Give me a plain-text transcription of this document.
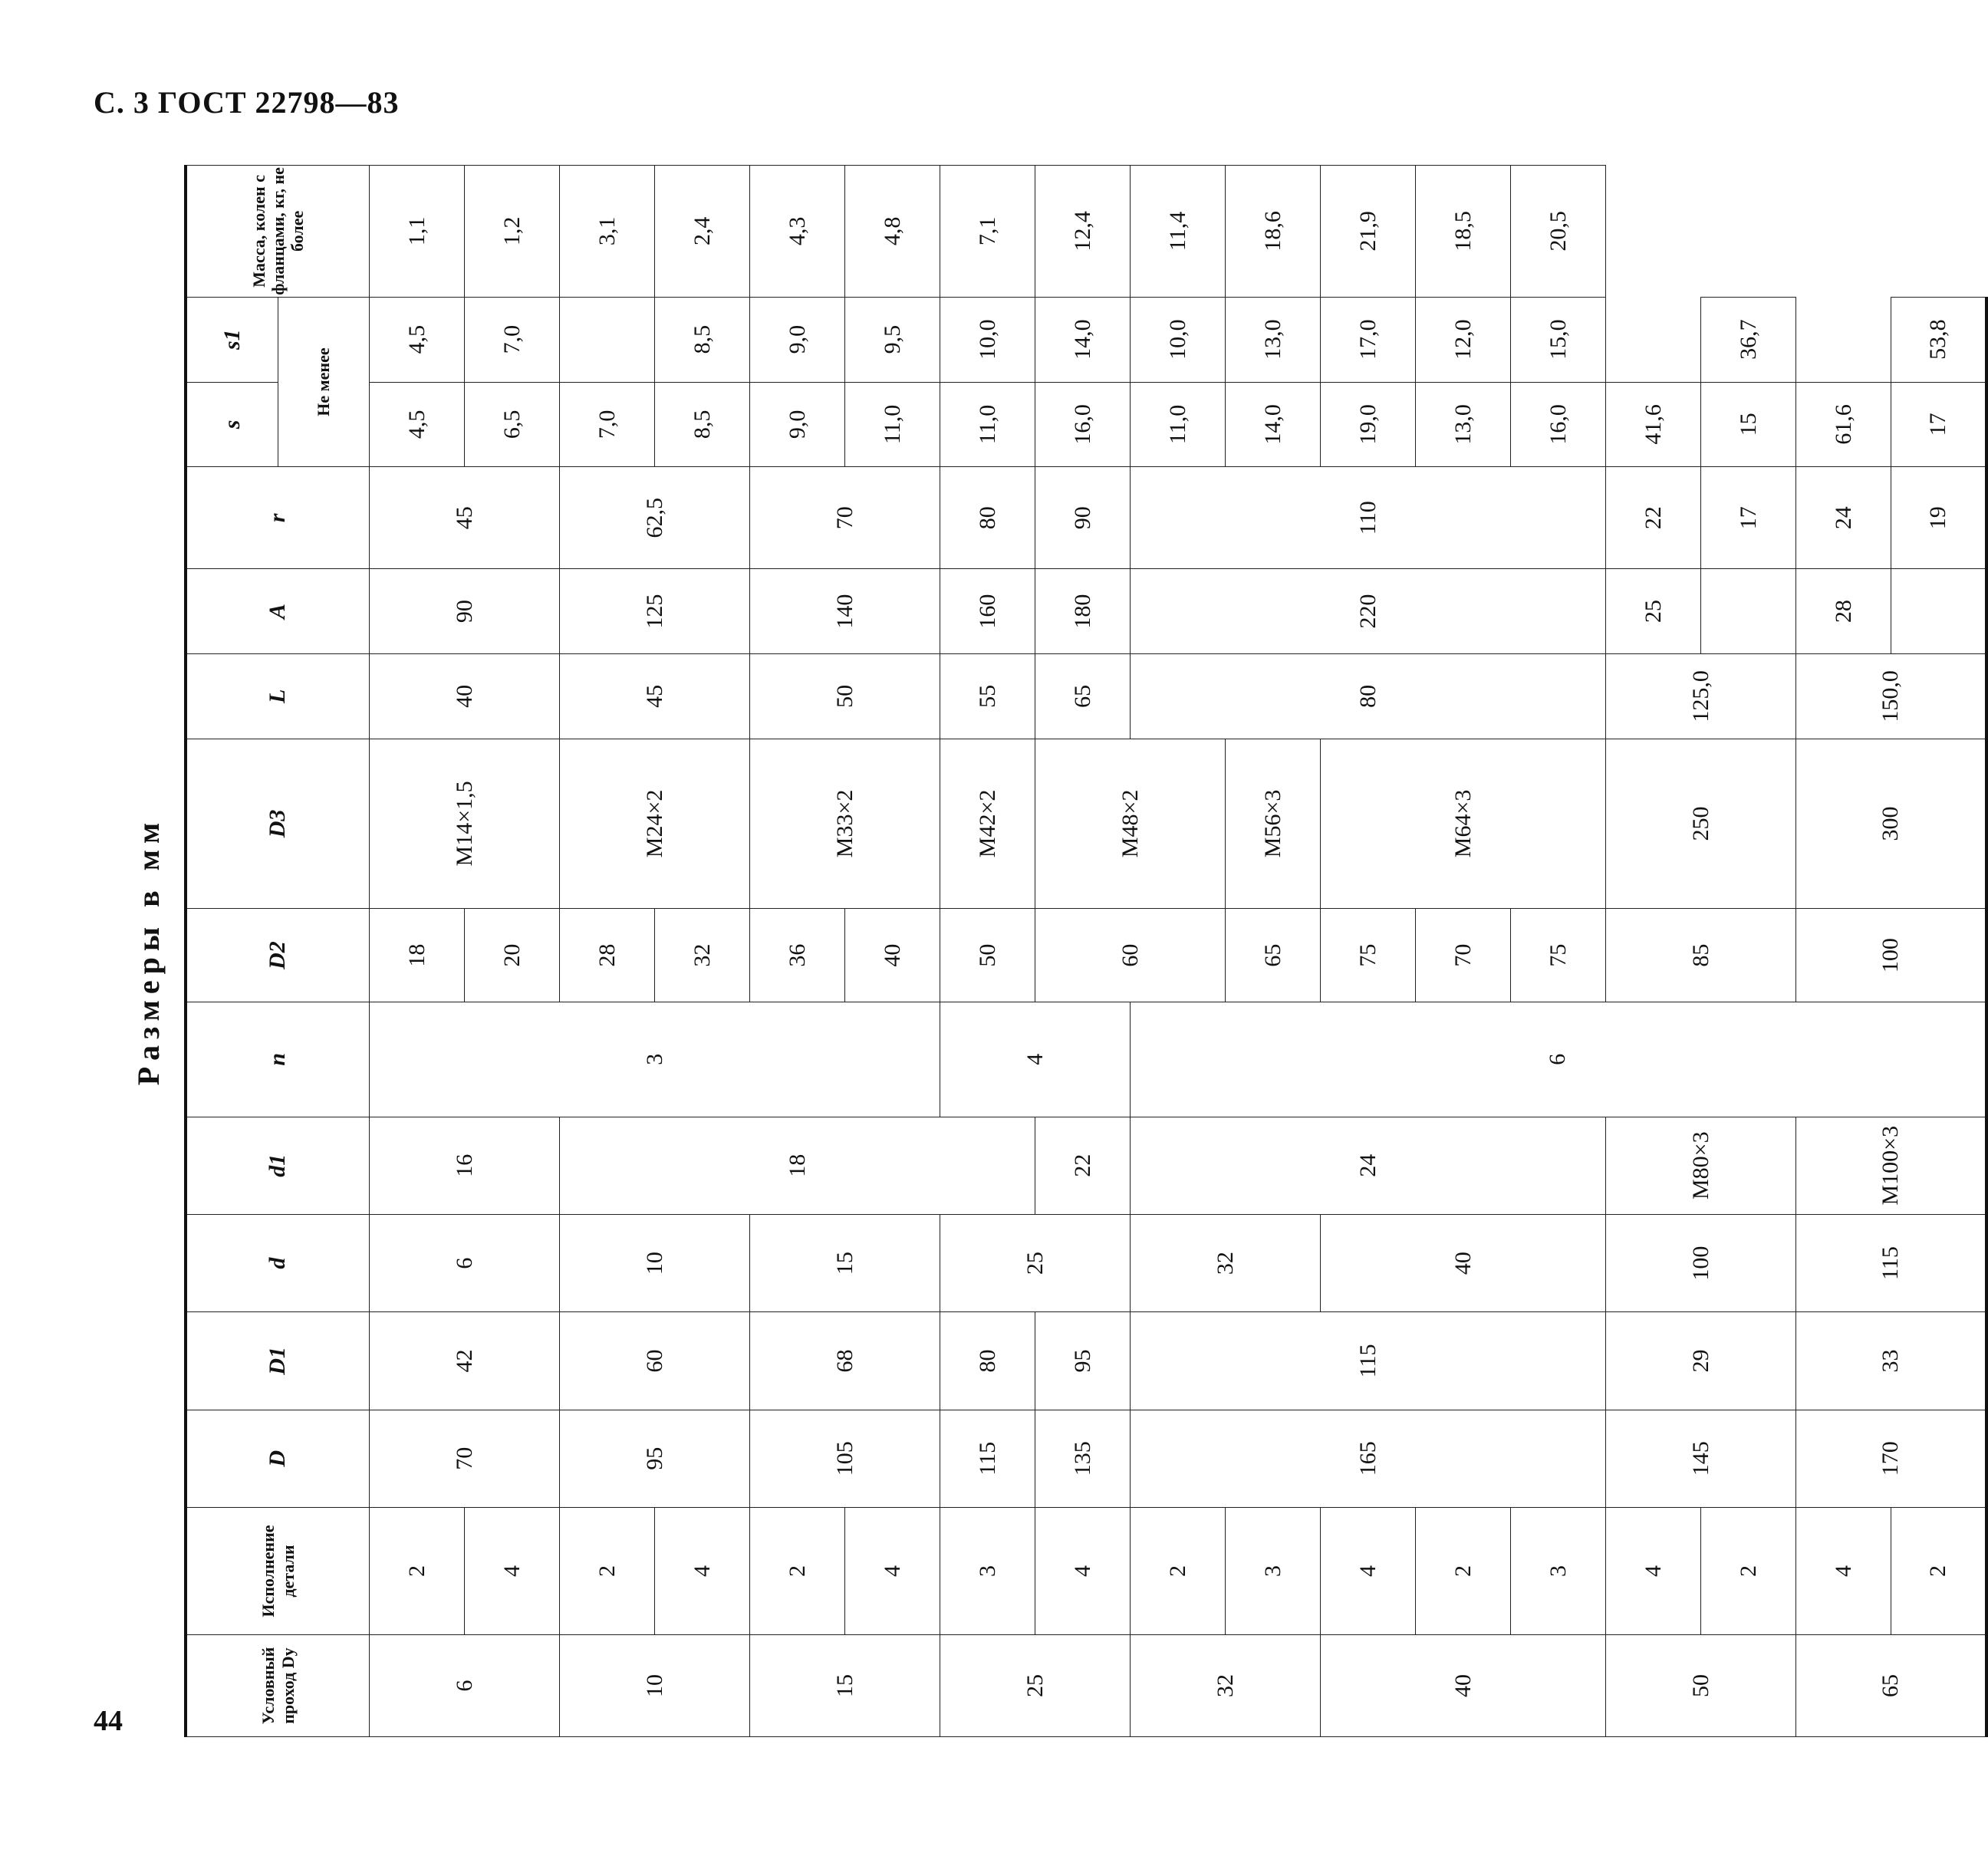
С. 3 ГОСТ 22798—83
44
Размеры в мм
Условный проход Dу	Исполнение детали	D	D1	d	d1	n	D2	D3	L	A	r	s	s1	Масса, колен с фланцами, кг, не более
												Не менее		
6	2	70	42	6	16	3	18	M14×1,5	40	90	45	4,5	4,5	1,1
	4						20					6,5	7,0	1,2
10	2	95	60	10	18		28	M24×2	45	125	62,5	7,0		3,1
	4						32					8,5	8,5	2,4
15	2	105	68	15			36	M33×2	50	140	70	9,0	9,0	4,3
	4						40					11,0	9,5	4,8
25	3	115	80	25		4	50	M42×2	55	160	80	11,0	10,0	7,1
	4	135	95		22		60	M48×2	65	180	90	16,0	14,0	12,4
32	2	165	115	32	24	6			80	220	110	11,0	10,0	11,4
	3						65	M56×3				14,0	13,0	18,6
40	4			40			75	M64×3				19,0	17,0	21,9
	2						70					13,0	12,0	18,5
	3						75					16,0	15,0	20,5
50	4	145	29	100	M80×3		85	250	125,0	25	22	41,6		
	2										17	15	36,7	
65	4	170	33	115	M100×3		100	300	150,0	28	24	61,6		
	2										19	17	53,8	
